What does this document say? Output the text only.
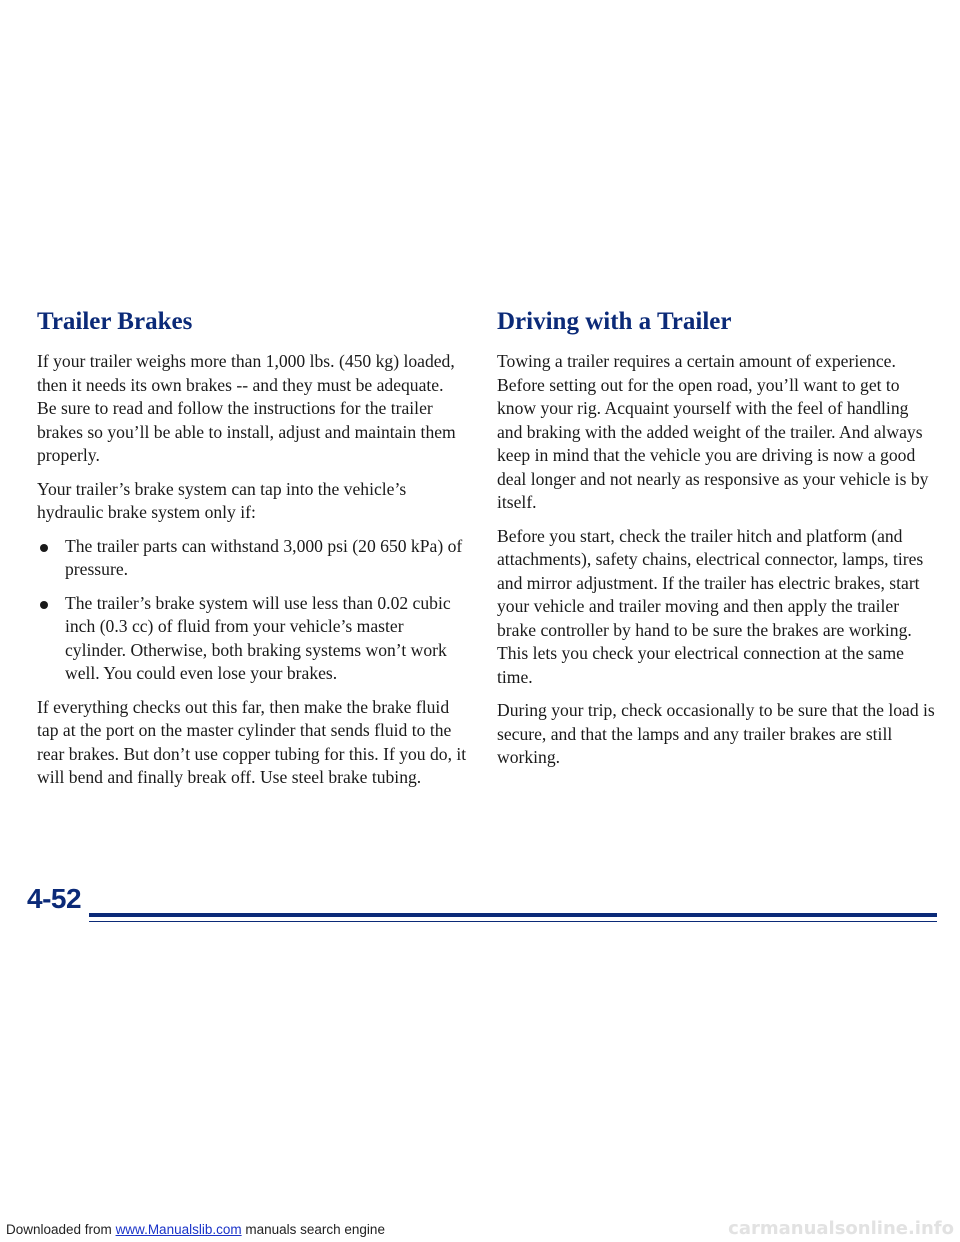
Trailer Brakes

If your trailer weighs more than 1,000 lbs. (450 kg) loaded, then it needs its own brakes -- and they must be adequate. Be sure to read and follow the instructions for the trailer brakes so you’ll be able to install, adjust and maintain them properly.

Your trailer’s brake system can tap into the vehicle’s hydraulic brake system only if:

The trailer parts can withstand 3,000 psi (20 650 kPa) of pressure.
The trailer’s brake system will use less than 0.02 cubic inch (0.3 cc) of fluid from your vehicle’s master cylinder. Otherwise, both braking systems won’t work well. You could even lose your brakes.

If everything checks out this far, then make the brake fluid tap at the port on the master cylinder that sends fluid to the rear brakes. But don’t use copper tubing for this. If you do, it will bend and finally break off. Use steel brake tubing.

Driving with a Trailer

Towing a trailer requires a certain amount of experience. Before setting out for the open road, you’ll want to get to know your rig. Acquaint yourself with the feel of handling and braking with the added weight of the trailer. And always keep in mind that the vehicle you are driving is now a good deal longer and not nearly as responsive as your vehicle is by itself.

Before you start, check the trailer hitch and platform (and attachments), safety chains, electrical connector, lamps, tires and mirror adjustment. If the trailer has electric brakes, start your vehicle and trailer moving and then apply the trailer brake controller by hand to be sure the brakes are working. This lets you check your electrical connection at the same time.

During your trip, check occasionally to be sure that the load is secure, and that the lamps and any trailer brakes are still working.

4-52
Downloaded from www.Manualslib.com manuals search engine	carmanualsonline.info
